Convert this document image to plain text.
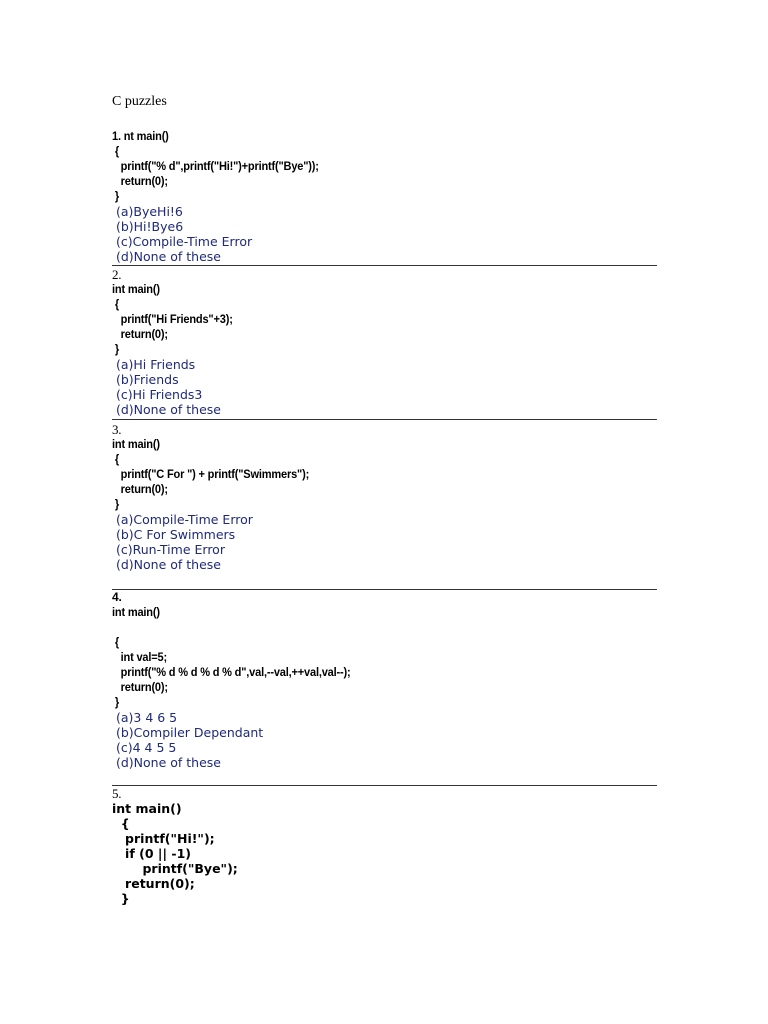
C puzzles
1. nt main()
{
printf("% d",printf("Hi!")+printf("Bye"));
return(0);
}
(a)ByeHi!6
(b)Hi!Bye6
(c)Compile-Time Error
(d)None of these
2.
int main()
{
printf("Hi Friends"+3);
return(0);
}
(a)Hi Friends
(b)Friends
(c)Hi Friends3
(d)None of these
3.
int main()
{
printf("C For ") + printf("Swimmers");
return(0);
}
(a)Compile-Time Error
(b)C For Swimmers
(c)Run-Time Error
(d)None of these
4.
int main()
{
int val=5;
printf("% d % d % d % d",val,--val,++val,val--);
return(0);
}
(a)3 4 6 5
(b)Compiler Dependant
(c)4 4 5 5
(d)None of these
5.
int main()
{
printf("Hi!");
if (0 || -1)
printf("Bye");
return(0);
}
